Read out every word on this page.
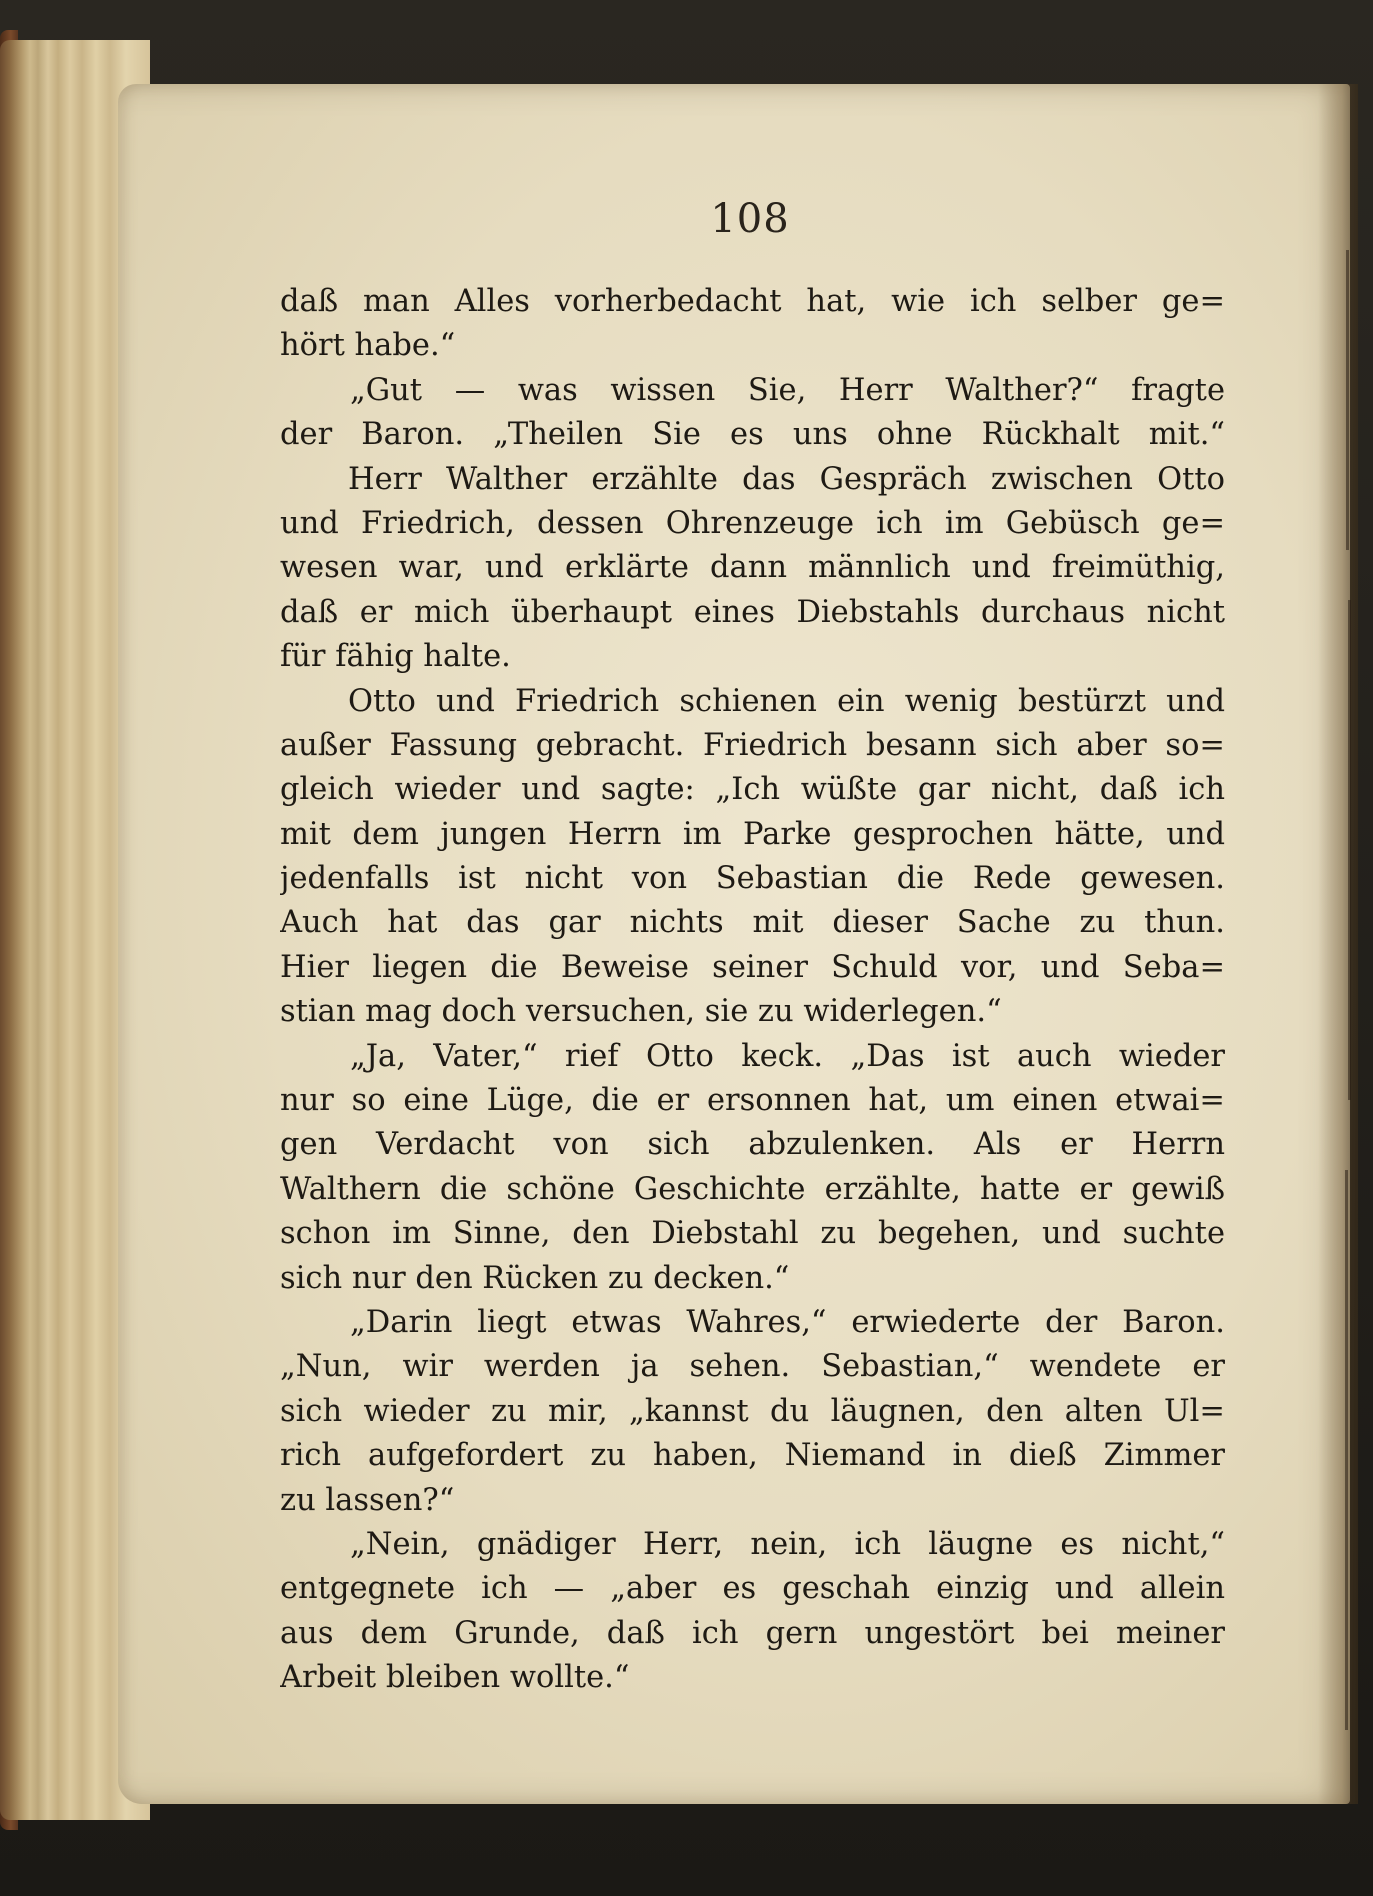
108
daß man Alles vorherbedacht hat, wie ich selber ge=
hört habe.“
„Gut — was wissen Sie, Herr Walther?“ fragte
der Baron. „Theilen Sie es uns ohne Rückhalt mit.“
Herr Walther erzählte das Gespräch zwischen Otto
und Friedrich, dessen Ohrenzeuge ich im Gebüsch ge=
wesen war, und erklärte dann männlich und freimüthig,
daß er mich überhaupt eines Diebstahls durchaus nicht
für fähig halte.
Otto und Friedrich schienen ein wenig bestürzt und
außer Fassung gebracht. Friedrich besann sich aber so=
gleich wieder und sagte: „Ich wüßte gar nicht, daß ich
mit dem jungen Herrn im Parke gesprochen hätte, und
jedenfalls ist nicht von Sebastian die Rede gewesen.
Auch hat das gar nichts mit dieser Sache zu thun.
Hier liegen die Beweise seiner Schuld vor, und Seba=
stian mag doch versuchen, sie zu widerlegen.“
„Ja, Vater,“ rief Otto keck. „Das ist auch wieder
nur so eine Lüge, die er ersonnen hat, um einen etwai=
gen Verdacht von sich abzulenken. Als er Herrn
Walthern die schöne Geschichte erzählte, hatte er gewiß
schon im Sinne, den Diebstahl zu begehen, und suchte
sich nur den Rücken zu decken.“
„Darin liegt etwas Wahres,“ erwiederte der Baron.
„Nun, wir werden ja sehen. Sebastian,“ wendete er
sich wieder zu mir, „kannst du läugnen, den alten Ul=
rich aufgefordert zu haben, Niemand in dieß Zimmer
zu lassen?“
„Nein, gnädiger Herr, nein, ich läugne es nicht,“
entgegnete ich — „aber es geschah einzig und allein
aus dem Grunde, daß ich gern ungestört bei meiner
Arbeit bleiben wollte.“
